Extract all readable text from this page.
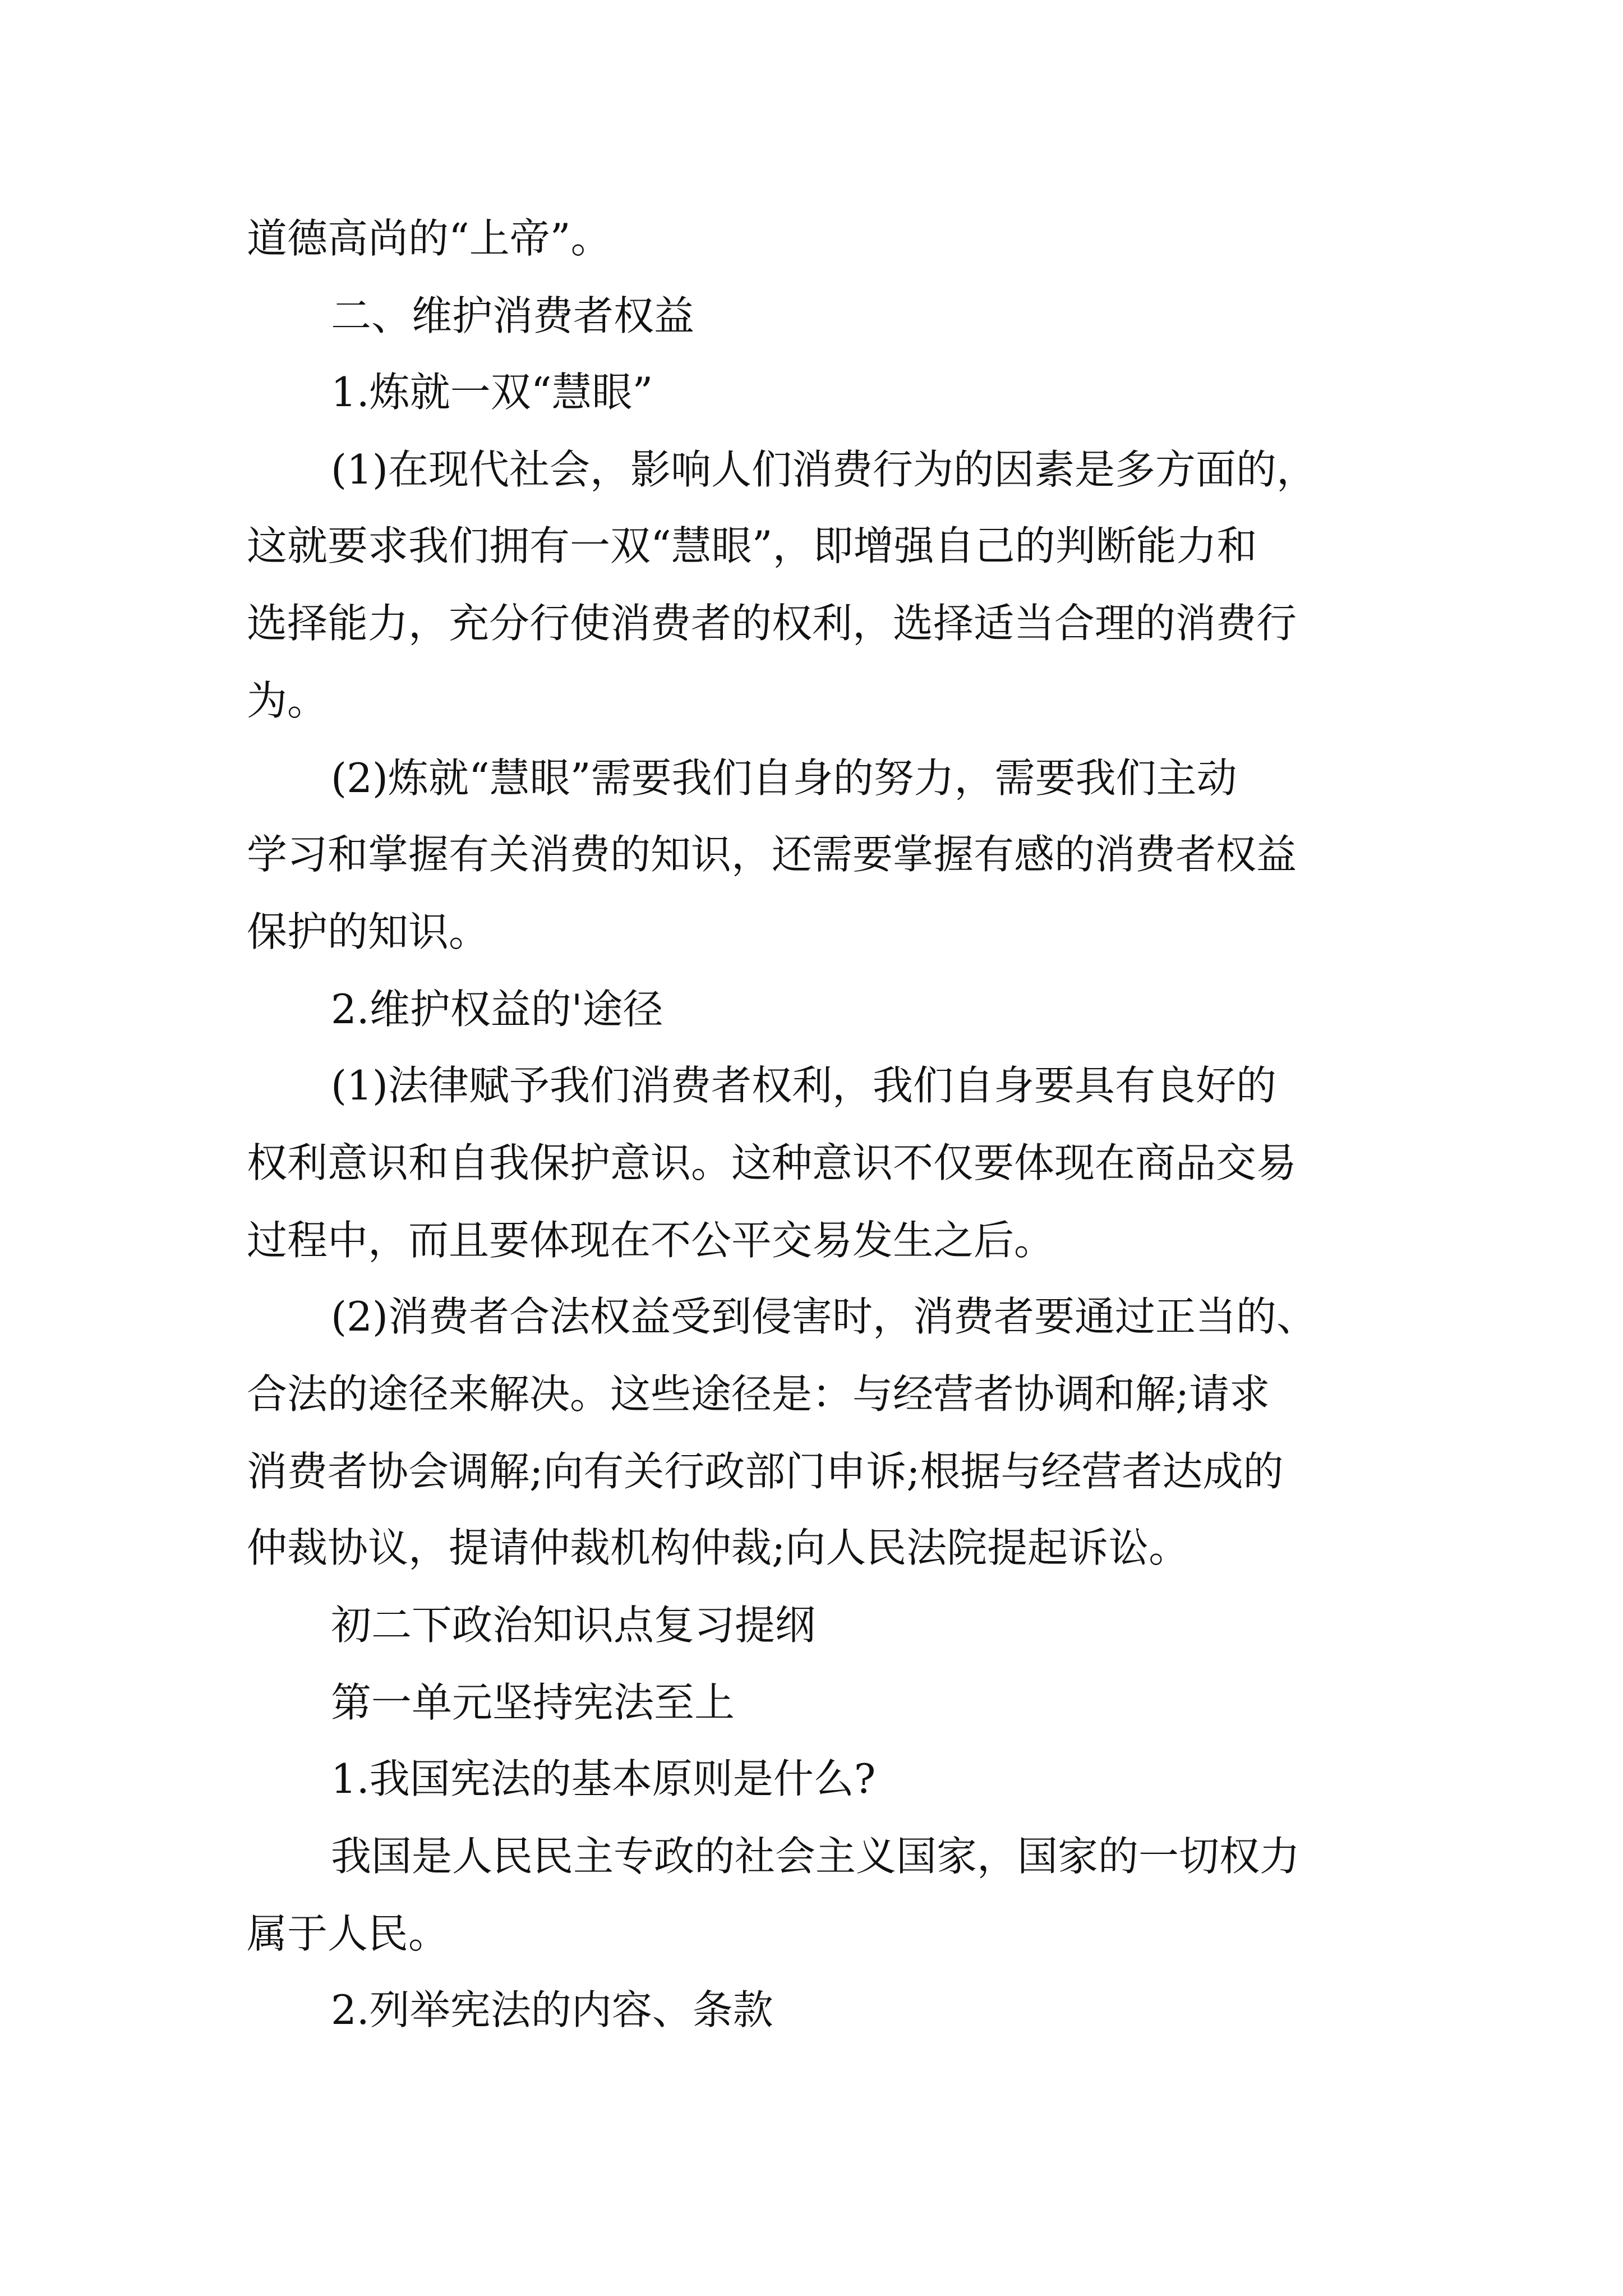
道德高尚的“上帝”。
二、维护消费者权益
1.炼就一双“慧眼”
(1)在现代社会，影响人们消费行为的因素是多方面的，
这就要求我们拥有一双“慧眼”，即增强自己的判断能力和
选择能力，充分行使消费者的权利，选择适当合理的消费行
为。
(2)炼就“慧眼”需要我们自身的努力，需要我们主动
学习和掌握有关消费的知识，还需要掌握有感的消费者权益
保护的知识。
2.维护权益的'途径
(1)法律赋予我们消费者权利，我们自身要具有良好的
权利意识和自我保护意识。这种意识不仅要体现在商品交易
过程中，而且要体现在不公平交易发生之后。
(2)消费者合法权益受到侵害时，消费者要通过正当的、
合法的途径来解决。这些途径是：与经营者协调和解;请求
消费者协会调解;向有关行政部门申诉;根据与经营者达成的
仲裁协议，提请仲裁机构仲裁;向人民法院提起诉讼。
初二下政治知识点复习提纲
第一单元坚持宪法至上
1.我国宪法的基本原则是什么?
我国是人民民主专政的社会主义国家，国家的一切权力
属于人民。
2.列举宪法的内容、条款
